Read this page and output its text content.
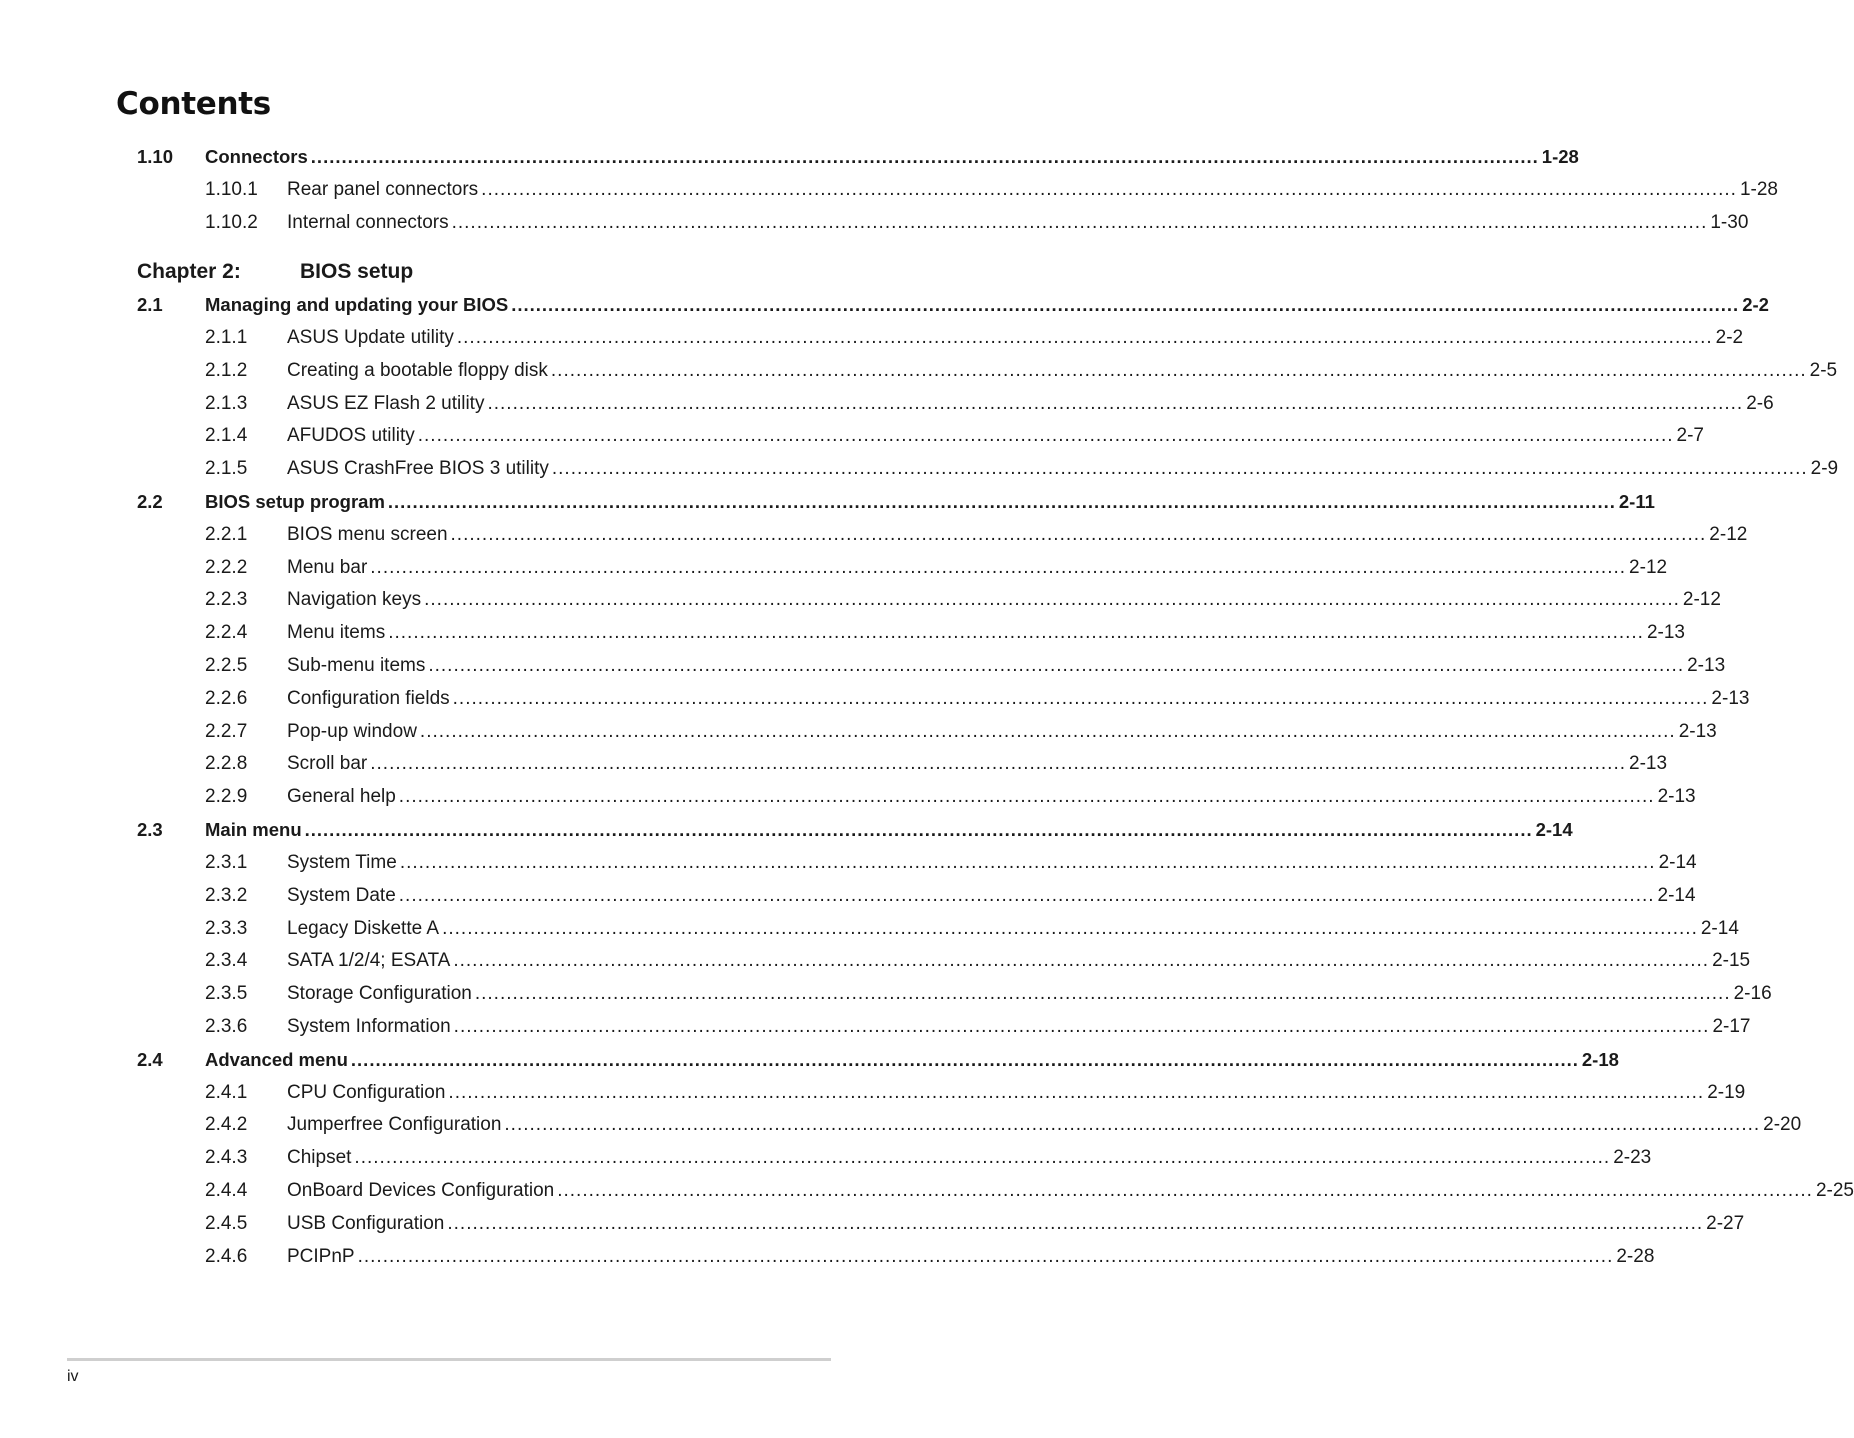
Contents
1.10 Connectors ........................................................................................................................................................................................................ 1-28
1.10.1 Rear panel connectors ........................................................................................................................................................................................................ 1-28
1.10.2 Internal connectors ........................................................................................................................................................................................................ 1-30
2.1 Managing and updating your BIOS ........................................................................................................................................................................................................ 2-2
2.1.1 ASUS Update utility ........................................................................................................................................................................................................ 2-2
2.1.2 Creating a bootable floppy disk ........................................................................................................................................................................................................ 2-5
2.1.3 ASUS EZ Flash 2 utility ........................................................................................................................................................................................................ 2-6
2.1.4 AFUDOS utility ........................................................................................................................................................................................................ 2-7
2.1.5 ASUS CrashFree BIOS 3 utility ........................................................................................................................................................................................................ 2-9
2.2 BIOS setup program ........................................................................................................................................................................................................ 2-11
2.2.1 BIOS menu screen ........................................................................................................................................................................................................ 2-12
2.2.2 Menu bar ........................................................................................................................................................................................................ 2-12
2.2.3 Navigation keys ........................................................................................................................................................................................................ 2-12
2.2.4 Menu items ........................................................................................................................................................................................................ 2-13
2.2.5 Sub-menu items ........................................................................................................................................................................................................ 2-13
2.2.6 Configuration fields ........................................................................................................................................................................................................ 2-13
2.2.7 Pop-up window ........................................................................................................................................................................................................ 2-13
2.2.8 Scroll bar ........................................................................................................................................................................................................ 2-13
2.2.9 General help ........................................................................................................................................................................................................ 2-13
2.3 Main menu ........................................................................................................................................................................................................ 2-14
2.3.1 System Time ........................................................................................................................................................................................................ 2-14
2.3.2 System Date ........................................................................................................................................................................................................ 2-14
2.3.3 Legacy Diskette A ........................................................................................................................................................................................................ 2-14
2.3.4 SATA 1/2/4; ESATA ........................................................................................................................................................................................................ 2-15
2.3.5 Storage Configuration ........................................................................................................................................................................................................ 2-16
2.3.6 System Information ........................................................................................................................................................................................................ 2-17
2.4 Advanced menu ........................................................................................................................................................................................................ 2-18
2.4.1 CPU Configuration ........................................................................................................................................................................................................ 2-19
2.4.2 Jumperfree Configuration ........................................................................................................................................................................................................ 2-20
2.4.3 Chipset ........................................................................................................................................................................................................ 2-23
2.4.4 OnBoard Devices Configuration ........................................................................................................................................................................................................ 2-25
2.4.5 USB Configuration ........................................................................................................................................................................................................ 2-27
2.4.6 PCIPnP ........................................................................................................................................................................................................ 2-28
Chapter 2:	BIOS setup
iv
